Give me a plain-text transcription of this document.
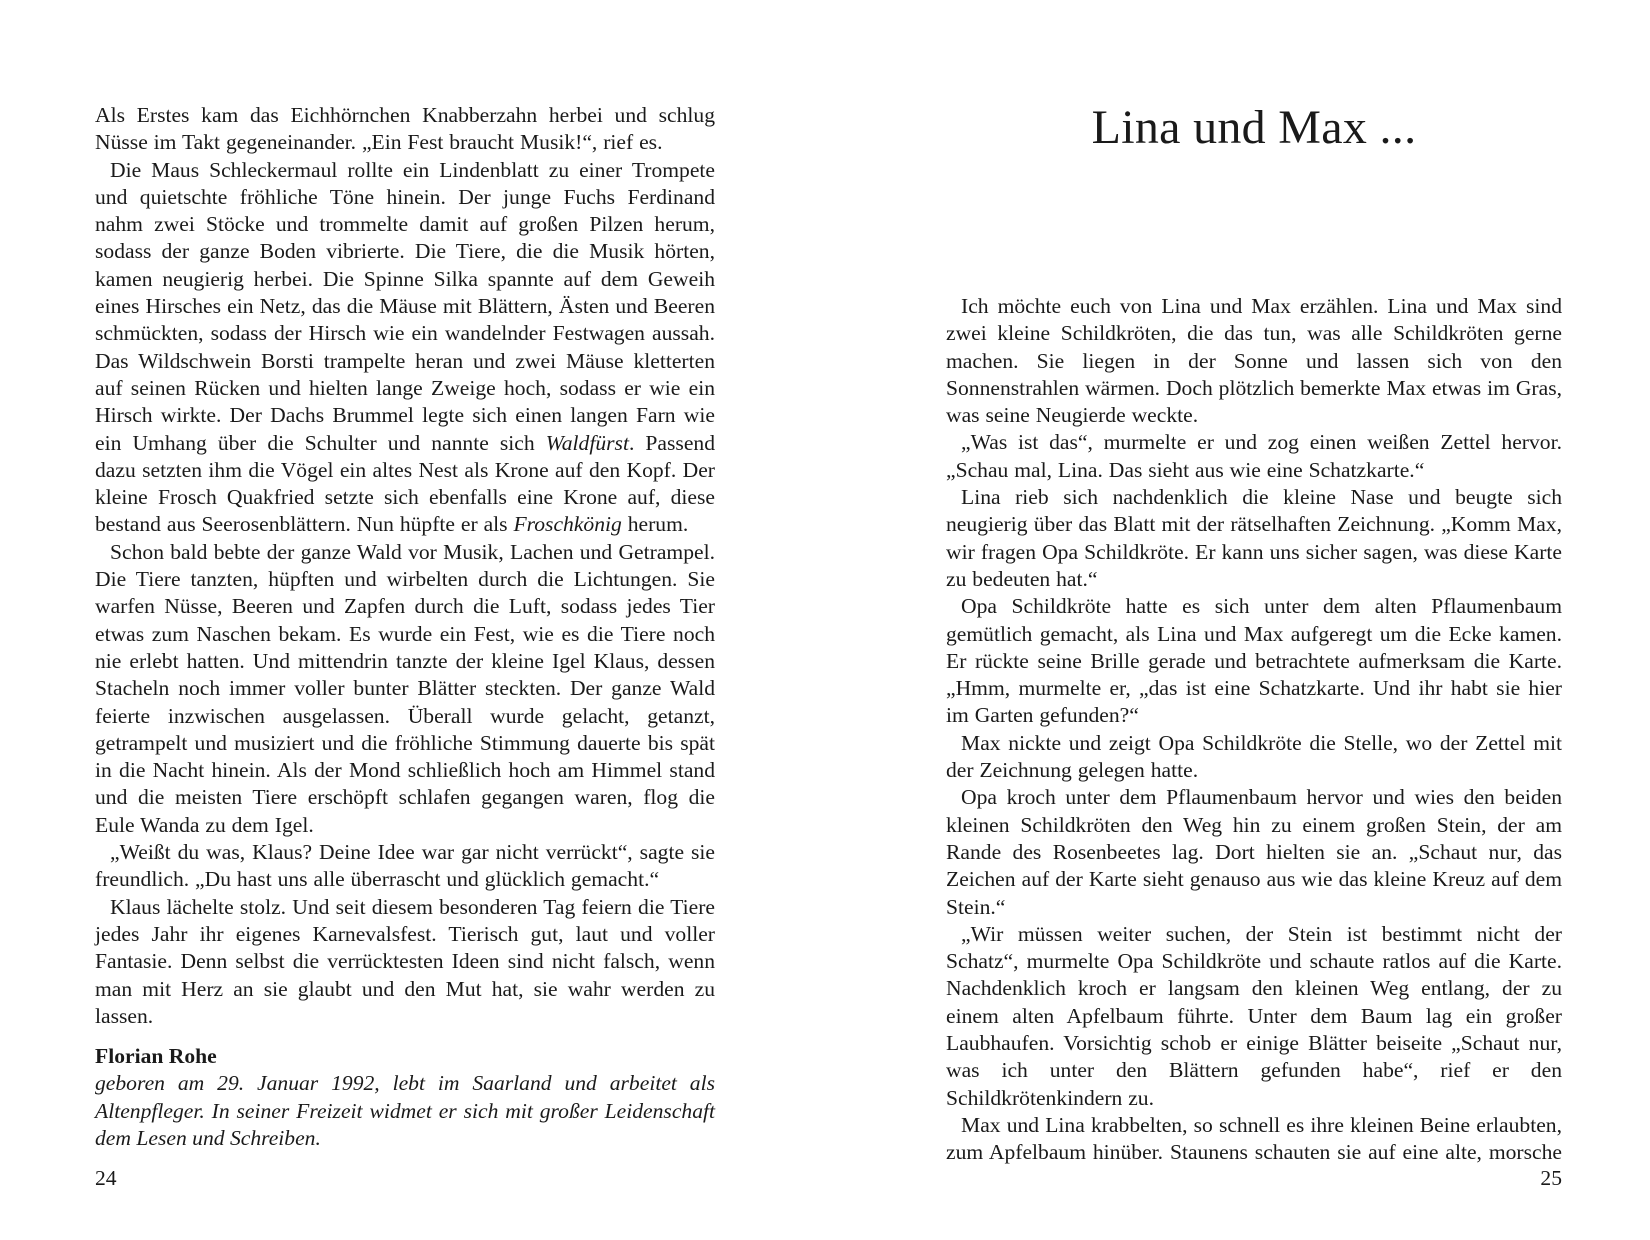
Als Erstes kam das Eichhörnchen Knabberzahn herbei und schlug Nüsse im Takt gegeneinander. „Ein Fest braucht Musik!“, rief es.

Die Maus Schleckermaul rollte ein Lindenblatt zu einer Trompete und quietschte fröhliche Töne hinein. Der junge Fuchs Ferdinand nahm zwei Stöcke und trommelte damit auf großen Pilzen herum, sodass der ganze Boden vibrierte. Die Tiere, die die Musik hörten, kamen neugierig herbei. Die Spinne Silka spannte auf dem Geweih eines Hirsches ein Netz, das die Mäuse mit Blättern, Ästen und Beeren schmückten, sodass der Hirsch wie ein wandelnder Festwagen aussah. Das Wildschwein Borsti trampelte heran und zwei Mäuse kletterten auf seinen Rücken und hielten lange Zweige hoch, sodass er wie ein Hirsch wirkte. Der Dachs Brummel legte sich einen langen Farn wie ein Umhang über die Schulter und nannte sich Waldfürst. Passend dazu setzten ihm die Vögel ein altes Nest als Krone auf den Kopf. Der kleine Frosch Quakfried setzte sich ebenfalls eine Krone auf, diese bestand aus Seerosenblättern. Nun hüpfte er als Froschkönig herum.

Schon bald bebte der ganze Wald vor Musik, Lachen und Getrampel. Die Tiere tanzten, hüpften und wirbelten durch die Lichtungen. Sie warfen Nüsse, Beeren und Zapfen durch die Luft, sodass jedes Tier etwas zum Naschen bekam. Es wurde ein Fest, wie es die Tiere noch nie erlebt hatten. Und mittendrin tanzte der kleine Igel Klaus, dessen Stacheln noch immer voller bunter Blätter steckten. Der ganze Wald feierte inzwischen ausgelassen. Überall wurde gelacht, getanzt, getrampelt und musiziert und die fröhliche Stimmung dauerte bis spät in die Nacht hinein. Als der Mond schließlich hoch am Himmel stand und die meisten Tiere erschöpft schlafen gegangen waren, flog die Eule Wanda zu dem Igel.

„Weißt du was, Klaus? Deine Idee war gar nicht verrückt“, sagte sie freundlich. „Du hast uns alle überrascht und glücklich gemacht.“

Klaus lächelte stolz. Und seit diesem besonderen Tag feiern die Tiere jedes Jahr ihr eigenes Karnevalsfest. Tierisch gut, laut und voller Fantasie. Denn selbst die verrücktesten Ideen sind nicht falsch, wenn man mit Herz an sie glaubt und den Mut hat, sie wahr werden zu lassen.

Florian Rohe

geboren am 29. Januar 1992, lebt im Saarland und arbeitet als Altenpfleger. In seiner Freizeit widmet er sich mit großer Leidenschaft dem Lesen und Schreiben.

24
Lina und Max ...

Ich möchte euch von Lina und Max erzählen. Lina und Max sind zwei kleine Schildkröten, die das tun, was alle Schildkröten gerne machen. Sie liegen in der Sonne und lassen sich von den Sonnenstrahlen wärmen. Doch plötzlich bemerkte Max etwas im Gras, was seine Neugierde weckte.

„Was ist das“, murmelte er und zog einen weißen Zettel hervor. „Schau mal, Lina. Das sieht aus wie eine Schatzkarte.“

Lina rieb sich nachdenklich die kleine Nase und beugte sich neugierig über das Blatt mit der rätselhaften Zeichnung. „Komm Max, wir fragen Opa Schildkröte. Er kann uns sicher sagen, was diese Karte zu bedeuten hat.“

Opa Schildkröte hatte es sich unter dem alten Pflaumenbaum gemütlich gemacht, als Lina und Max aufgeregt um die Ecke kamen. Er rückte seine Brille gerade und betrachtete aufmerksam die Karte. „Hmm, murmelte er, „das ist eine Schatzkarte. Und ihr habt sie hier im Garten gefunden?“

Max nickte und zeigt Opa Schildkröte die Stelle, wo der Zettel mit der Zeichnung gelegen hatte.

Opa kroch unter dem Pflaumenbaum hervor und wies den beiden kleinen Schildkröten den Weg hin zu einem großen Stein, der am Rande des Rosenbeetes lag. Dort hielten sie an. „Schaut nur, das Zeichen auf der Karte sieht genauso aus wie das kleine Kreuz auf dem Stein.“

„Wir müssen weiter suchen, der Stein ist bestimmt nicht der Schatz“, murmelte Opa Schildkröte und schaute ratlos auf die Karte. Nachdenklich kroch er langsam den kleinen Weg entlang, der zu einem alten Apfelbaum führte. Unter dem Baum lag ein großer Laubhaufen. Vorsichtig schob er einige Blätter beiseite „Schaut nur, was ich unter den Blättern gefunden habe“, rief er den Schildkrötenkindern zu.

Max und Lina krabbelten, so schnell es ihre kleinen Beine erlaubten, zum Apfelbaum hinüber. Staunens schauten sie auf eine alte, morsche

25
